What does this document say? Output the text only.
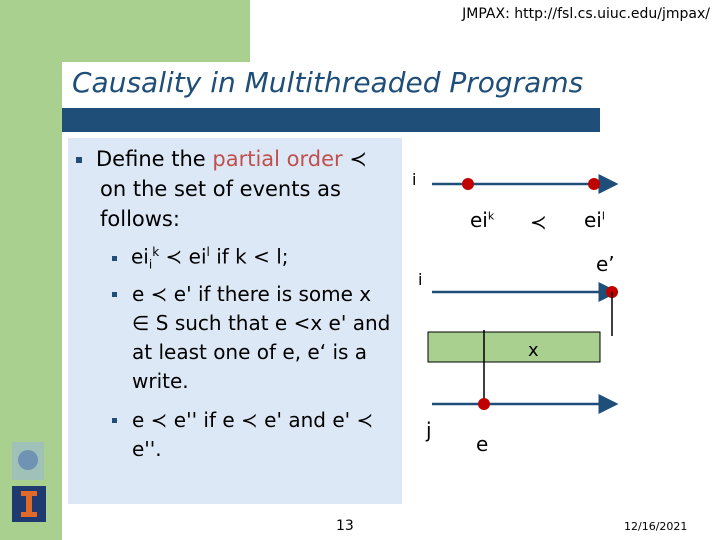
JMPAX: http://fsl.cs.uiuc.edu/jmpax/
Causality in Multithreaded Programs
Define the partial order ≺
on the set of events as follows:
$ei_i^k$ ≺ $ei^l$ if k < l;
e ≺ e' if there is some x ∈ S such that e <x e' and at least one of e, e‘ is a write.
e ≺ e'' if e ≺ e' and e' ≺ e''.
i
$ei^k$ ≺ $ei^l$
e’
i
x
j
e
13	12/16/2021
